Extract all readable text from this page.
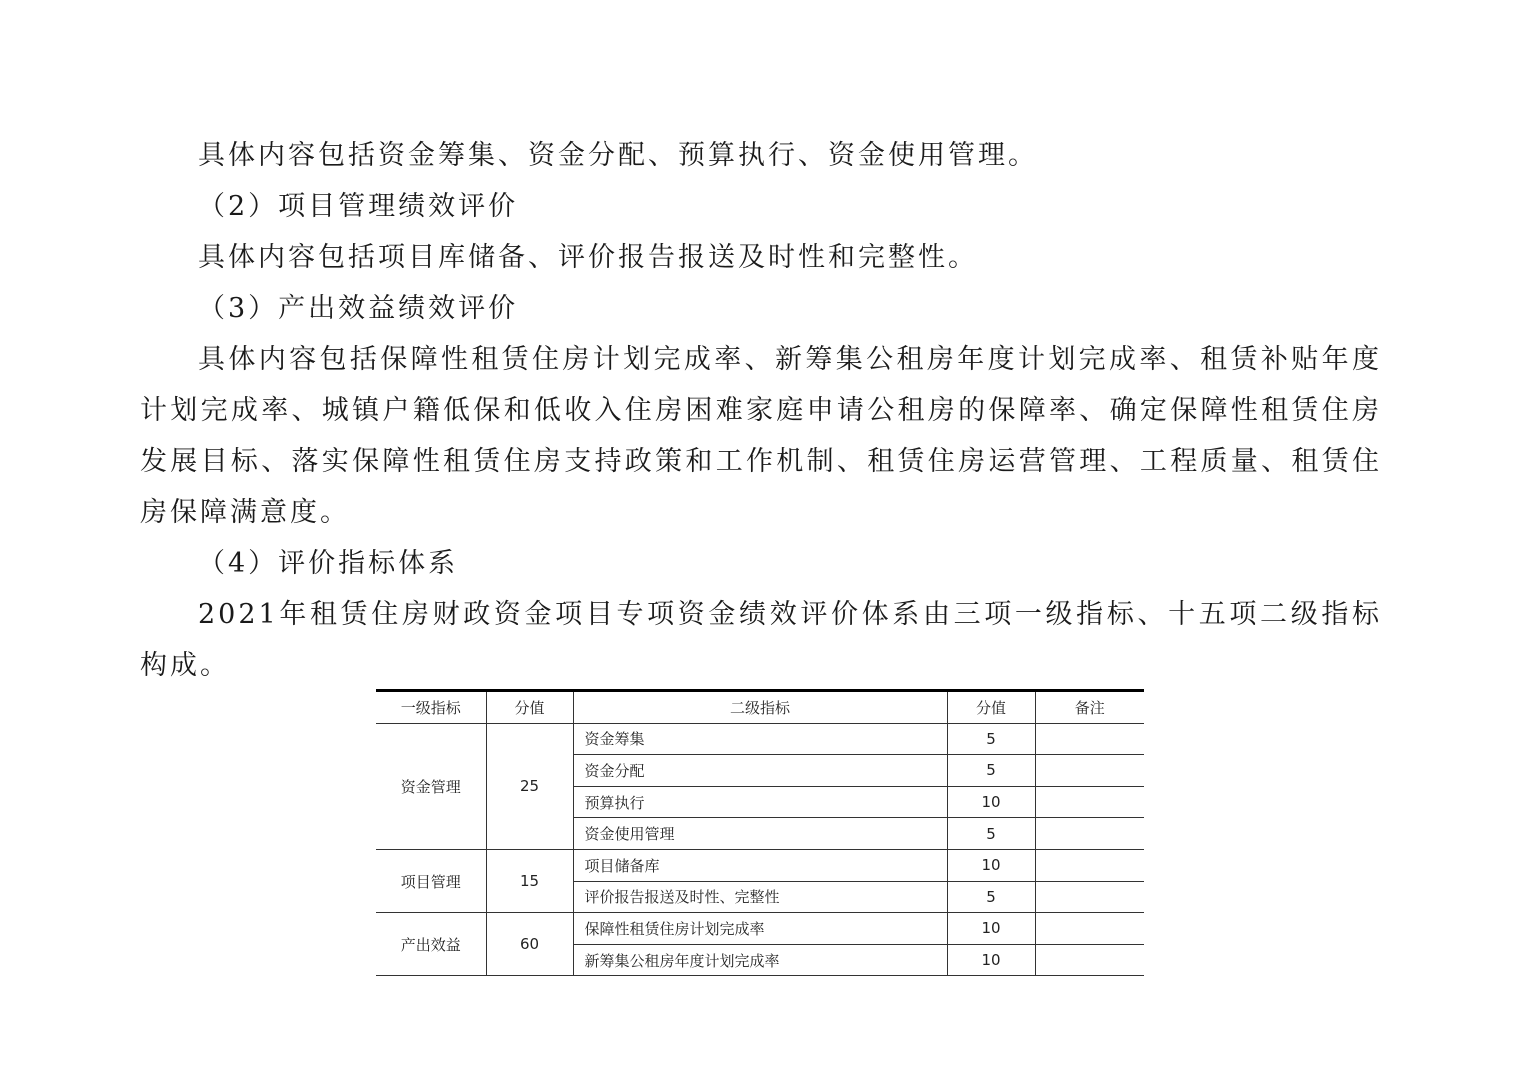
具体内容包括资金筹集、资金分配、预算执行、资金使用管理。

（2）项目管理绩效评价

具体内容包括项目库储备、评价报告报送及时性和完整性。

（3）产出效益绩效评价

具体内容包括保障性租赁住房计划完成率、新筹集公租房年度计划完成率、租赁补贴年度计划完成率、城镇户籍低保和低收入住房困难家庭申请公租房的保障率、确定保障性租赁住房发展目标、落实保障性租赁住房支持政策和工作机制、租赁住房运营管理、工程质量、租赁住房保障满意度。

（4）评价指标体系

2021年租赁住房财政资金项目专项资金绩效评价体系由三项一级指标、十五项二级指标构成。

一级指标	分值	二级指标	分值	备注
资金管理	25	资金筹集	5	
		资金分配	5	
		预算执行	10	
		资金使用管理	5	
项目管理	15	项目储备库	10	
		评价报告报送及时性、完整性	5	
产出效益	60	保障性租赁住房计划完成率	10	
		新筹集公租房年度计划完成率	10	
